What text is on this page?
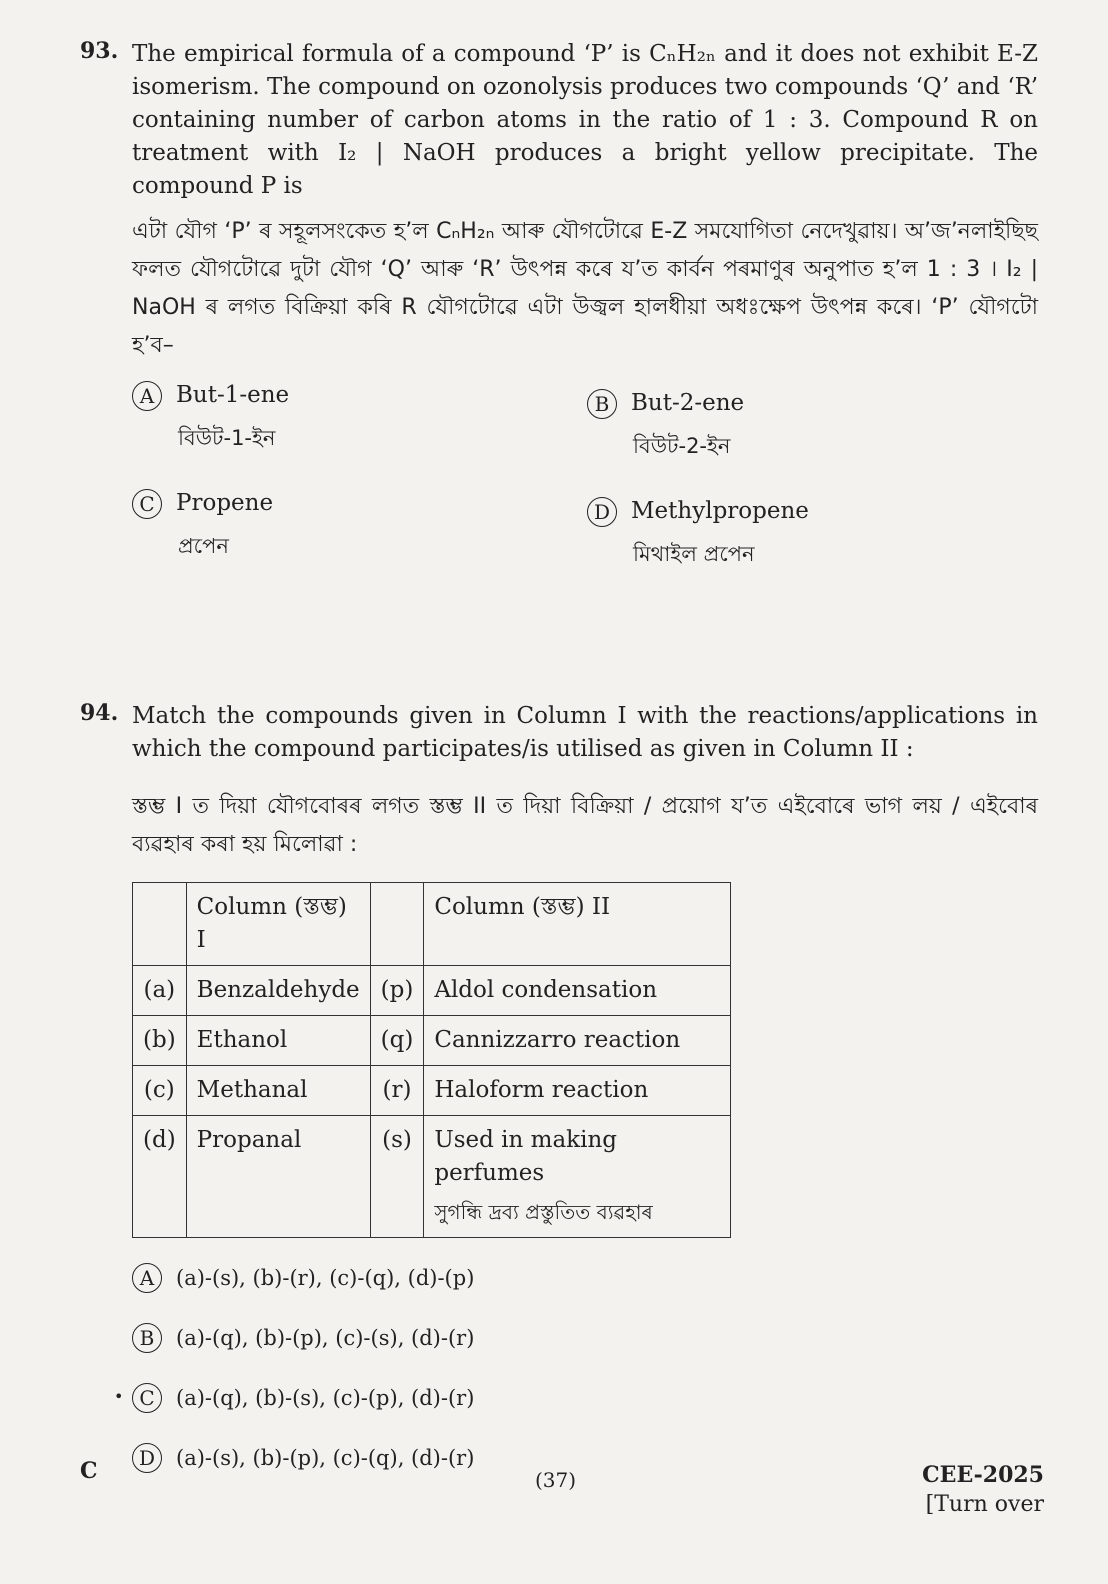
93. The empirical formula of a compound ‘P’ is CₙH₂ₙ and it does not exhibit E-Z isomerism. The compound on ozonolysis produces two compounds ‘Q’ and ‘R’ containing number of carbon atoms in the ratio of 1 : 3. Compound R on treatment with I₂ | NaOH produces a bright yellow precipitate. The compound P is
এটা যৌগ ‘P’ ৰ সহূলসংকেত হ’ল CₙH₂ₙ আৰু যৌগটোৱে E-Z সমযোগিতা নেদেখুৱায়। অ’জ’নলাইছিছ ফলত যৌগটোৱে দুটা যৌগ ‘Q’ আৰু ‘R’ উৎপন্ন কৰে য’ত কাৰ্বন পৰমাণুৰ অনুপাত হ’ল 1 : 3 । I₂ | NaOH ৰ লগত বিক্ৰিয়া কৰি R যৌগটোৱে এটা উজ্বল হালধীয়া অধঃক্ষেপ উৎপন্ন কৰে। ‘P’ যৌগটো হ’ব–
A But-1-ene
বিউট-1-ইন
B But-2-ene
বিউট-2-ইন
C Propene
প্ৰপেন
D Methylpropene
মিথাইল প্ৰপেন
94. Match the compounds given in Column I with the reactions/applications in which the compound participates/is utilised as given in Column II :
স্তম্ভ I ত দিয়া যৌগবোৰৰ লগত স্তম্ভ II ত দিয়া বিক্ৰিয়া / প্ৰয়োগ য’ত এইবোৰে ভাগ লয় / এইবোৰ ব্যৱহাৰ কৰা হয় মিলোৱা :
	Column (স্তম্ভ) I		Column (স্তম্ভ) II
(a)	Benzaldehyde	(p)	Aldol condensation
(b)	Ethanol	(q)	Cannizzarro reaction
(c)	Methanal	(r)	Haloform reaction
(d)	Propanal	(s)	Used in making perfumes
সুগন্ধি দ্ৰব্য প্ৰস্তুতিত ব্যৱহাৰ
A	(a)-(s), (b)-(r), (c)-(q), (d)-(p)
B	(a)-(q), (b)-(p), (c)-(s), (d)-(r)
C	(a)-(q), (b)-(s), (c)-(p), (d)-(r)
D (a)-(s), (b)-(p), (c)-(q), (d)-(r)
•
C	(37)	CEE-2025
[Turn over
